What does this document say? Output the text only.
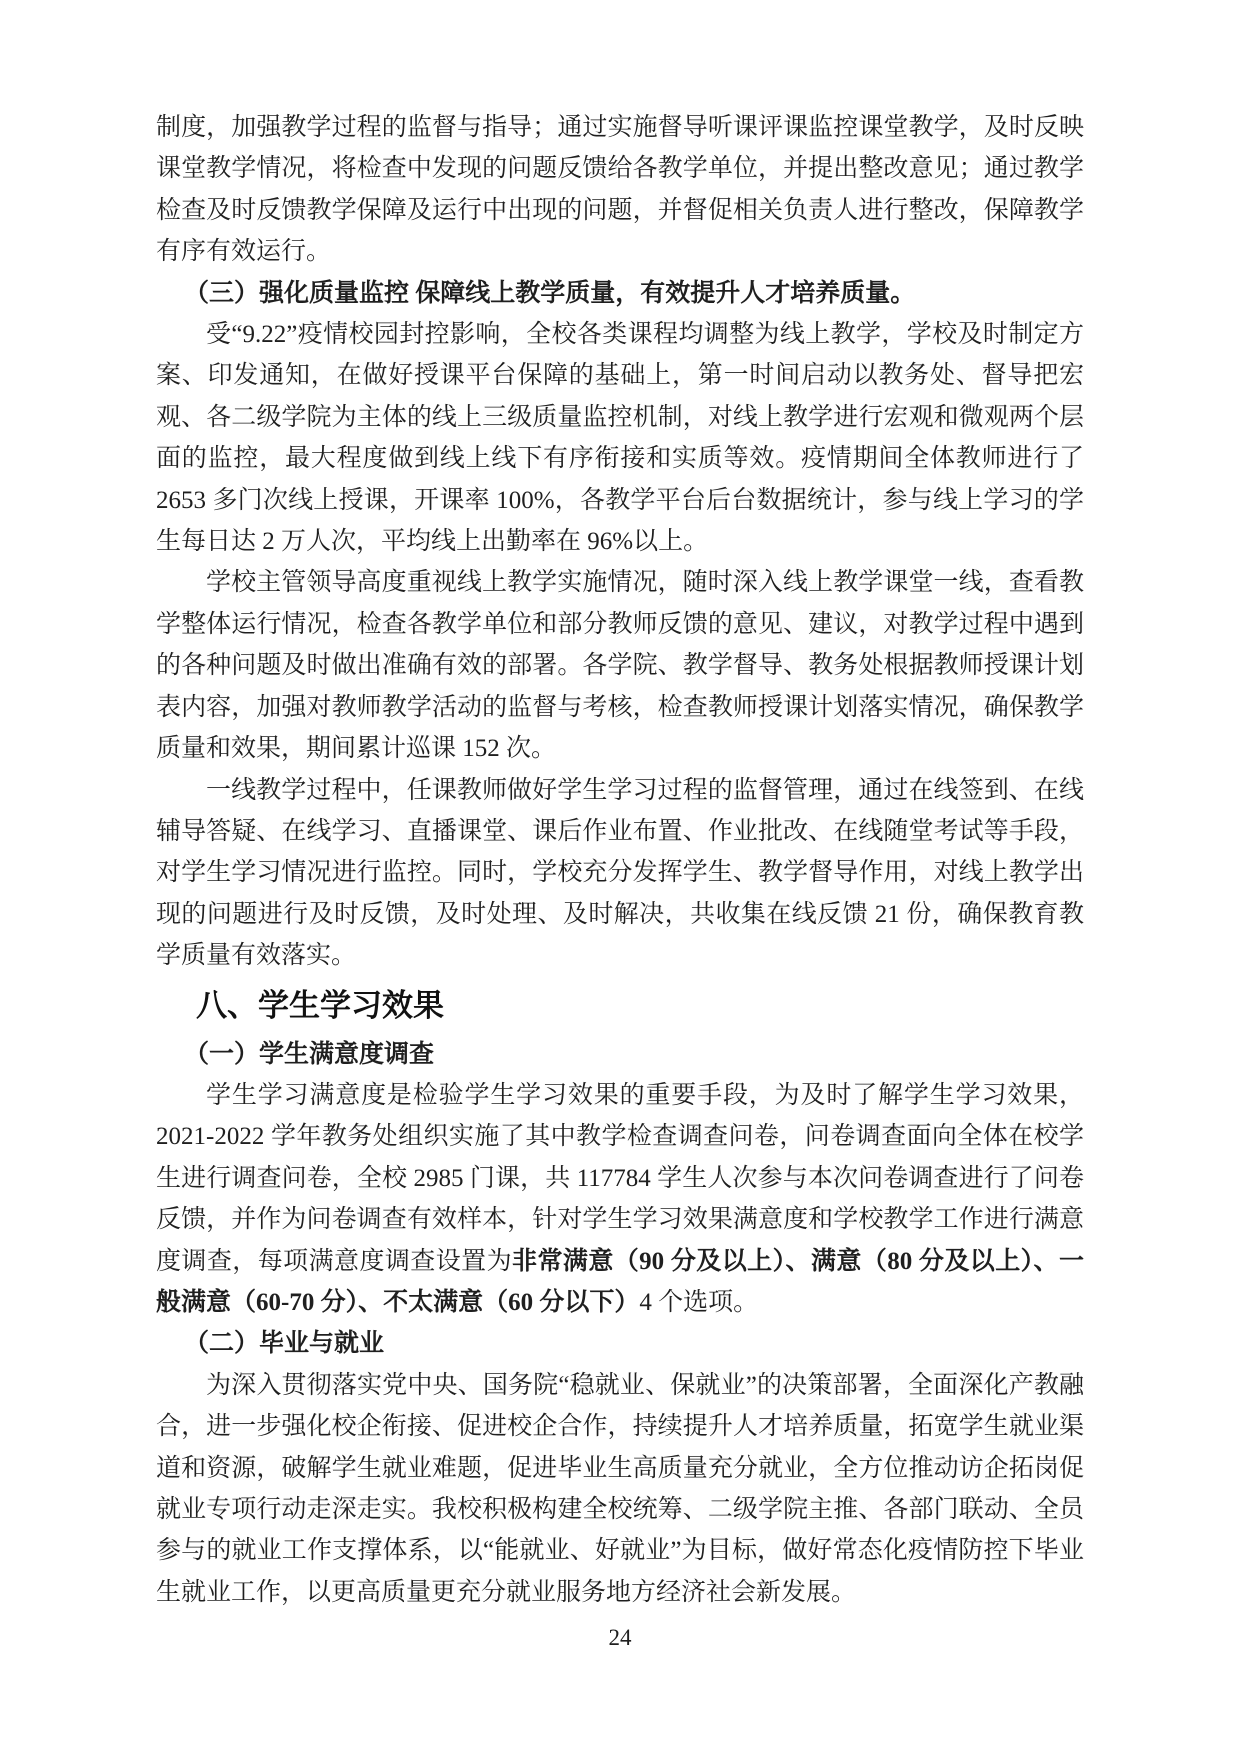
制度，加强教学过程的监督与指导；通过实施督导听课评课监控课堂教学，及时反映课堂教学情况，将检查中发现的问题反馈给各教学单位，并提出整改意见；通过教学检查及时反馈教学保障及运行中出现的问题，并督促相关负责人进行整改，保障教学有序有效运行。

（三）强化质量监控 保障线上教学质量，有效提升人才培养质量。

受“9.22”疫情校园封控影响，全校各类课程均调整为线上教学，学校及时制定方案、印发通知，在做好授课平台保障的基础上，第一时间启动以教务处、督导把宏观、各二级学院为主体的线上三级质量监控机制，对线上教学进行宏观和微观两个层面的监控，最大程度做到线上线下有序衔接和实质等效。疫情期间全体教师进行了 2653 多门次线上授课，开课率 100%，各教学平台后台数据统计，参与线上学习的学生每日达 2 万人次，平均线上出勤率在 96%以上。

学校主管领导高度重视线上教学实施情况，随时深入线上教学课堂一线，查看教学整体运行情况，检查各教学单位和部分教师反馈的意见、建议，对教学过程中遇到的各种问题及时做出准确有效的部署。各学院、教学督导、教务处根据教师授课计划表内容，加强对教师教学活动的监督与考核，检查教师授课计划落实情况，确保教学质量和效果，期间累计巡课 152 次。

一线教学过程中，任课教师做好学生学习过程的监督管理，通过在线签到、在线辅导答疑、在线学习、直播课堂、课后作业布置、作业批改、在线随堂考试等手段，对学生学习情况进行监控。同时，学校充分发挥学生、教学督导作用，对线上教学出现的问题进行及时反馈，及时处理、及时解决，共收集在线反馈 21 份，确保教育教学质量有效落实。

八、学生学习效果

（一）学生满意度调查

学生学习满意度是检验学生学习效果的重要手段，为及时了解学生学习效果，2021-2022 学年教务处组织实施了其中教学检查调查问卷，问卷调查面向全体在校学生进行调查问卷，全校 2985 门课，共 117784 学生人次参与本次问卷调查进行了问卷反馈，并作为问卷调查有效样本，针对学生学习效果满意度和学校教学工作进行满意度调查，每项满意度调查设置为非常满意（90 分及以上）、满意（80 分及以上）、一般满意（60-70 分）、不太满意（60 分以下）4 个选项。

（二）毕业与就业

为深入贯彻落实党中央、国务院“稳就业、保就业”的决策部署，全面深化产教融合，进一步强化校企衔接、促进校企合作，持续提升人才培养质量，拓宽学生就业渠道和资源，破解学生就业难题，促进毕业生高质量充分就业，全方位推动访企拓岗促就业专项行动走深走实。我校积极构建全校统筹、二级学院主推、各部门联动、全员参与的就业工作支撑体系，以“能就业、好就业”为目标，做好常态化疫情防控下毕业生就业工作，以更高质量更充分就业服务地方经济社会新发展。

24
